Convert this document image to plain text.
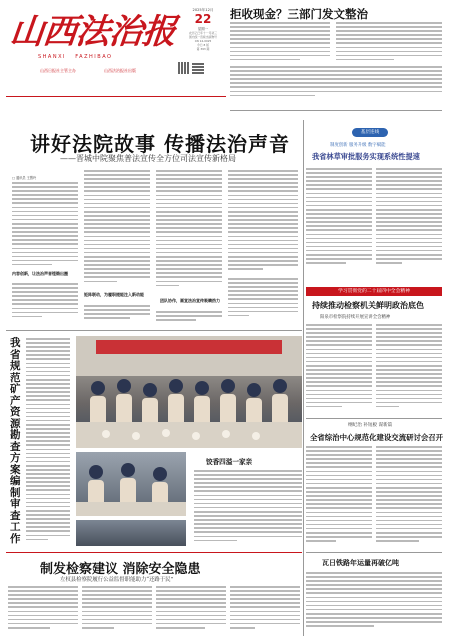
山西法治报
SHANXI   FAZHIBAO
山西日报社主管主办	山西法治报社出版
2025年12月
22
星期一
农历乙巳年十一月初三
国内统一连续出版物号
CN 14-0025
今日 8 版
第 393 期
拒收现金？三部门发文整治
讲好法院故事 传播法治声音
——晋城中院聚焦普法宣传全方位司法宣传新格局
□ 通讯员 王慧玲
内容创新，让法治声音铿锵出圈
矩阵联动，为履职提能注入新动能
团队协作，画宣法治宣传吸睛热力
基层连线
制度创新 服务升级 数字赋能
我省林草审批服务实现系统性提速
学习贯彻党的二十届四中全会精神
持续推动检察机关鲜明政治底色
阳泉市检察院持续开展宣讲全会精神
纲纪治 补短板 谋新篇
全省综治中心规范化建设交流研讨会召开
我省规范矿产资源勘查方案编制审查工作
饺香四溢一家亲
制发检察建议 消除安全隐患
左权县检察院履行公益监督职能助力“还路于民”
瓦日铁路年运量再破亿吨
